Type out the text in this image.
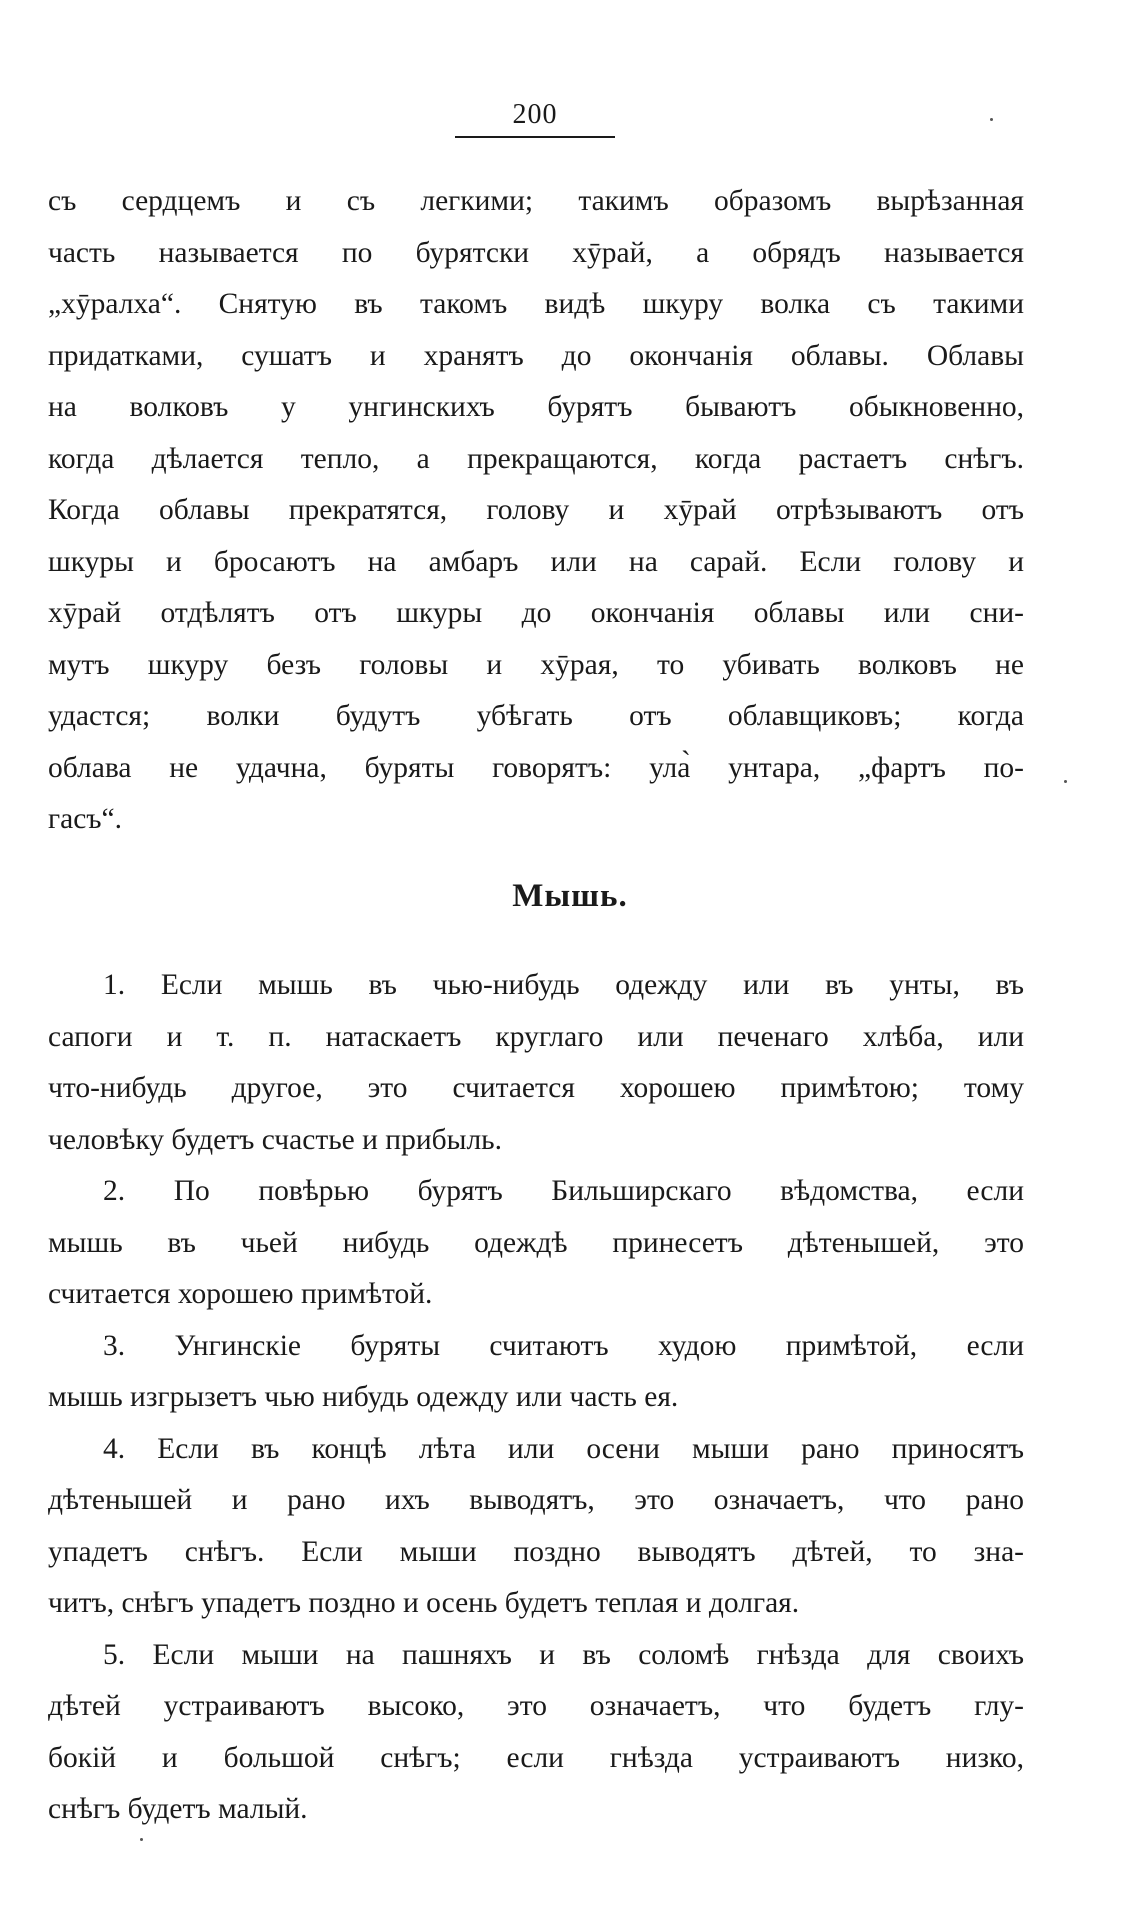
200
съ сердцемъ и съ легкими; такимъ образомъ вырѣзанная
часть называется по бурятски хӯрай, а обрядъ называется
„хӯралха“. Снятую въ такомъ видѣ шкуру волка съ такими
придатками, сушатъ и хранятъ до окончанія облавы. Облавы
на волковъ у унгинскихъ бурятъ бываютъ обыкновенно,
когда дѣлается тепло, а прекращаются, когда растаетъ снѣгъ.
Когда облавы прекратятся, голову и хӯрай отрѣзываютъ отъ
шкуры и бросаютъ на амбаръ или на сарай. Если голову и
хӯрай отдѣлятъ отъ шкуры до окончанія облавы или сни-
мутъ шкуру безъ головы и хӯрая, то убивать волковъ не
удастся; волки будутъ убѣгать отъ облавщиковъ; когда
облава не удачна, буряты говорятъ: ула̀ унтара, „фартъ по-
гасъ“.
Мышь.
1. Если мышь въ чью-нибудь одежду или въ унты, въ
сапоги и т. п. натаскаетъ круглаго или печенаго хлѣба, или
что-нибудь другое, это считается хорошею примѣтою; тому
человѣку будетъ счастье и прибыль.
2. По повѣрью бурятъ Бильширскаго вѣдомства, если
мышь въ чьей нибудь одеждѣ принесетъ дѣтенышей, это
считается хорошею примѣтой.
3. Унгинскіе буряты считаютъ худою примѣтой, если
мышь изгрызетъ чью нибудь одежду или часть ея.
4. Если въ концѣ лѣта или осени мыши рано приносятъ
дѣтенышей и рано ихъ выводятъ, это означаетъ, что рано
упадетъ снѣгъ. Если мыши поздно выводятъ дѣтей, то зна-
читъ, снѣгъ упадетъ поздно и осень будетъ теплая и долгая.
5. Если мыши на пашняхъ и въ соломѣ гнѣзда для своихъ
дѣтей устраиваютъ высоко, это означаетъ, что будетъ глу-
бокій и большой снѣгъ; если гнѣзда устраиваютъ низко,
снѣгъ будетъ малый.
